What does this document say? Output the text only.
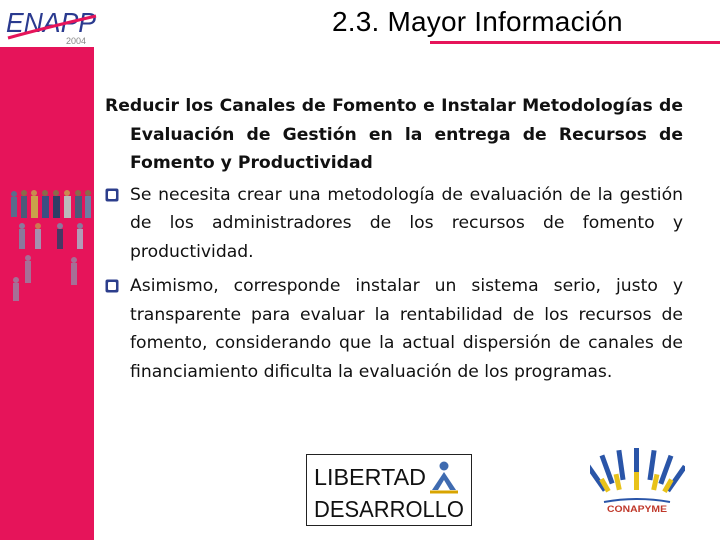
ENAPP
2004
2.3. Mayor Información

Reducir los Canales de Fomento e Instalar Metodologías de Evaluación de Gestión en la entrega de Recursos de Fomento y Productividad

Se necesita crear una metodología de evaluación de la gestión de los administradores de los recursos de fomento y productividad.
Asimismo, corresponde instalar un sistema serio, justo y transparente para evaluar la rentabilidad de los recursos de fomento, considerando que la actual dispersión de canales de financiamiento dificulta la evaluación de los programas.
LIBERTAD
DESARROLLO	CONAPYME
